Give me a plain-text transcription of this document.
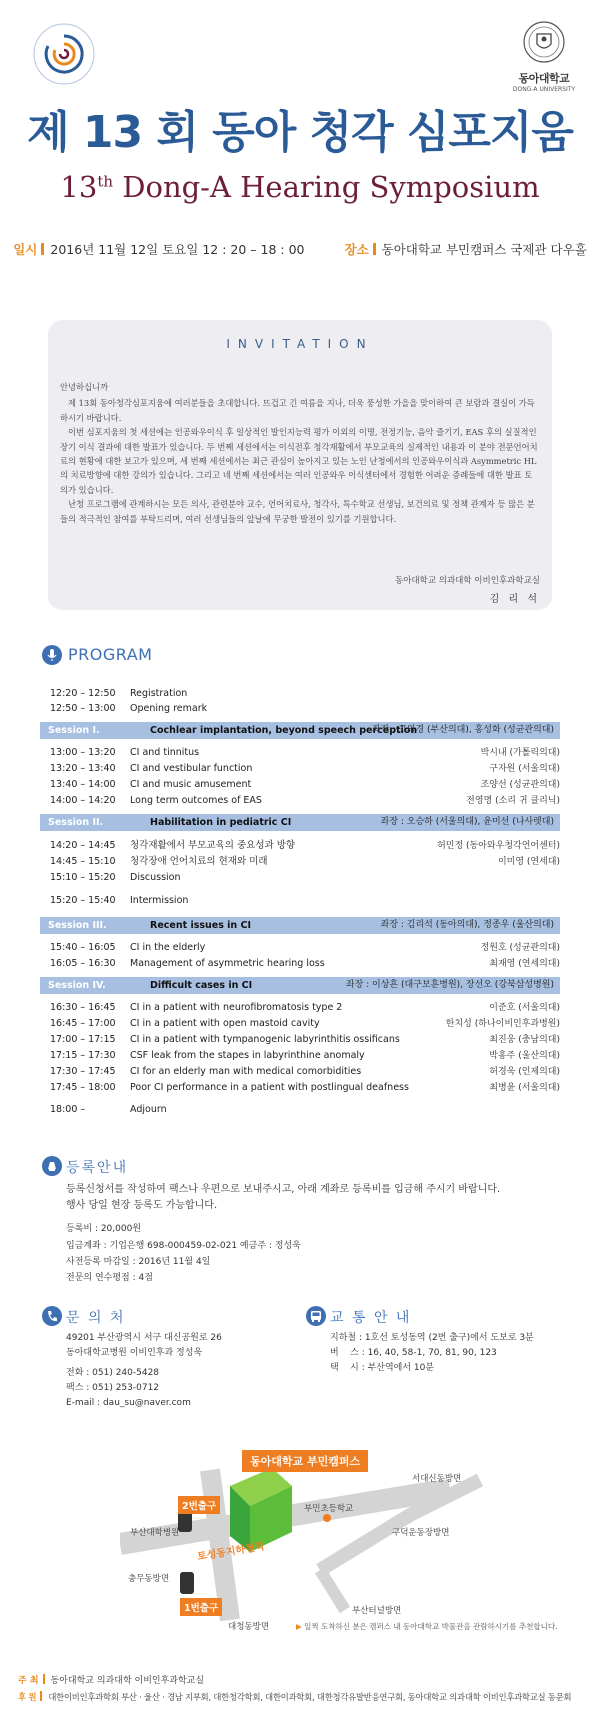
동아대학교
DONG-A UNIVERSITY
제 13 회 동아 청각 심포지움
13th Dong-A Hearing Symposium
일시 2016년 11월 12일 토요일 12 : 20 – 18 : 00	장소 동아대학교 부민캠퍼스 국제관 다우홀
INVITATION
안녕하십니까

제 13회 동아청각심포지움에 여러분들을 초대합니다. 뜨겁고 긴 여름을 지나, 더욱 풍성한 가을을 맞이하여 큰 보람과 결실이 가득하시기 바랍니다.

이번 심포지움의 첫 세션에는 인공와우이식 후 일상적인 발인지능력 평가 이외의 이명, 전정기능, 음악 즐기기, EAS 후의 실질적인 장기 이식 결과에 대한 발표가 있습니다. 두 번째 세션에서는 이식전후 청각재활에서 부모교육의 실제적인 내용과 이 분야 전문언어치료의 현황에 대한 보고가 있으며, 세 번째 세션에서는 최근 관심이 높아지고 있는 노인 난청에서의 인공와우이식과 Asymmetric HL의 치료방향에 대한 강의가 있습니다. 그리고 네 번째 세션에서는 여러 인공와우 이식센터에서 경험한 어려운 증례들에 대한 발표 토의가 있습니다.

난청 프로그램에 관계하시는 모든 의사, 관련분야 교수, 언어치료사, 청각사, 특수학교 선생님, 보건의료 및 정책 관계자 등 많은 분들의 적극적인 참여를 부탁드리며, 여러 선생님들의 앞날에 무궁한 발전이 있기를 기원합니다.

동아대학교 의과대학 이비인후과학교실
김 리 석
PROGRAM
12:20 – 12:50 Registration
12:50 – 13:00 Opening remark
Session I.	Cochlear implantation, beyond speech perception
좌장 : 고의경 (부산의대), 홍성화 (성균관의대)
13:00 – 13:20 CI and tinnitus	박시내 (가톨릭의대)
13:20 – 13:40 CI and vestibular function	구자원 (서울의대)
13:40 – 14:00 CI and music amusement	조양선 (성균관의대)
14:00 – 14:20 Long term outcomes of EAS	전영명 (소리 귀 클리닉)
Session II.	Habilitation in pediatric CI	좌장 : 오승하 (서울의대), 윤미선 (나사렛대)
14:20 – 14:45 청각재활에서 부모교육의 중요성과 방향	허민정 (동아와우청각언어센터)
14:45 – 15:10 청각장애 언어치료의 현재와 미래	이미영 (연세대)
15:10 – 15:20 Discussion
15:20 – 15:40 Intermission
Session III.	Recent issues in CI	좌장 : 김리석 (동아의대), 정종우 (울산의대)
15:40 – 16:05 CI in the elderly	정원호 (성균관의대)
16:05 – 16:30 Management of asymmetric hearing loss	최재영 (연세의대)
Session IV.	Difficult cases in CI	좌장 : 이상흔 (대구보훈병원), 장선오 (강북삼성병원)
16:30 – 16:45 CI in a patient with neurofibromatosis type 2	이준호 (서울의대)
16:45 – 17:00 CI in a patient with open mastoid cavity	한치성 (하나이비인후과병원)
17:00 – 17:15 CI in a patient with tympanogenic labyrinthitis ossificans	최진웅 (충남의대)
17:15 – 17:30 CSF leak from the stapes in labyrinthine anomaly	박홍주 (울산의대)
17:30 – 17:45 CI for an elderly man with medical comorbidities	허경욱 (인제의대)
17:45 – 18:00 Poor CI performance in a patient with postlingual deafness	최병윤 (서울의대)
18:00 –	Adjourn
등록안내
등록신청서를 작성하여 팩스나 우편으로 보내주시고, 아래 계좌로 등록비를 입금해 주시기 바랍니다.
행사 당일 현장 등록도 가능합니다.
등록비 : 20,000원
입금계좌 : 기업은행 698-000459-02-021 예금주 : 정성욱
사전등록 마감일 : 2016년 11월 4일
전문의 연수평점 : 4점
문 의 처
49201 부산광역시 서구 대신공원로 26
동아대학교병원 이비인후과 정성욱
전화 : 051) 240-5428
팩스 : 051) 253-0712
E-mail : dau_su@naver.com
교 통 안 내
지하철 : 1호선 토성동역 (2번 출구)에서 도보로 3분
버    스 : 16, 40, 58-1, 70, 81, 90, 123
택    시 : 부산역에서 10분
동아대학교 부민캠퍼스
2번출구
1번출구
토성동지하철역
부산대학병원
부민초등학교
서대신동방면
구덕운동장방면
충무동방면
대청동방면
부산터널방면
▶ 일찍 도착하신 분은 캠퍼스 내 동아대학교 박물관을 관람하시기를 추천합니다.
주 최 동아대학교 의과대학 이비인후과학교실
후 원 대한이비인후과학회 부산 · 울산 · 경남 지부회, 대한청각학회, 대한이과학회, 대한청각유발반응연구회, 동아대학교 의과대학 이비인후과학교실 동문회
